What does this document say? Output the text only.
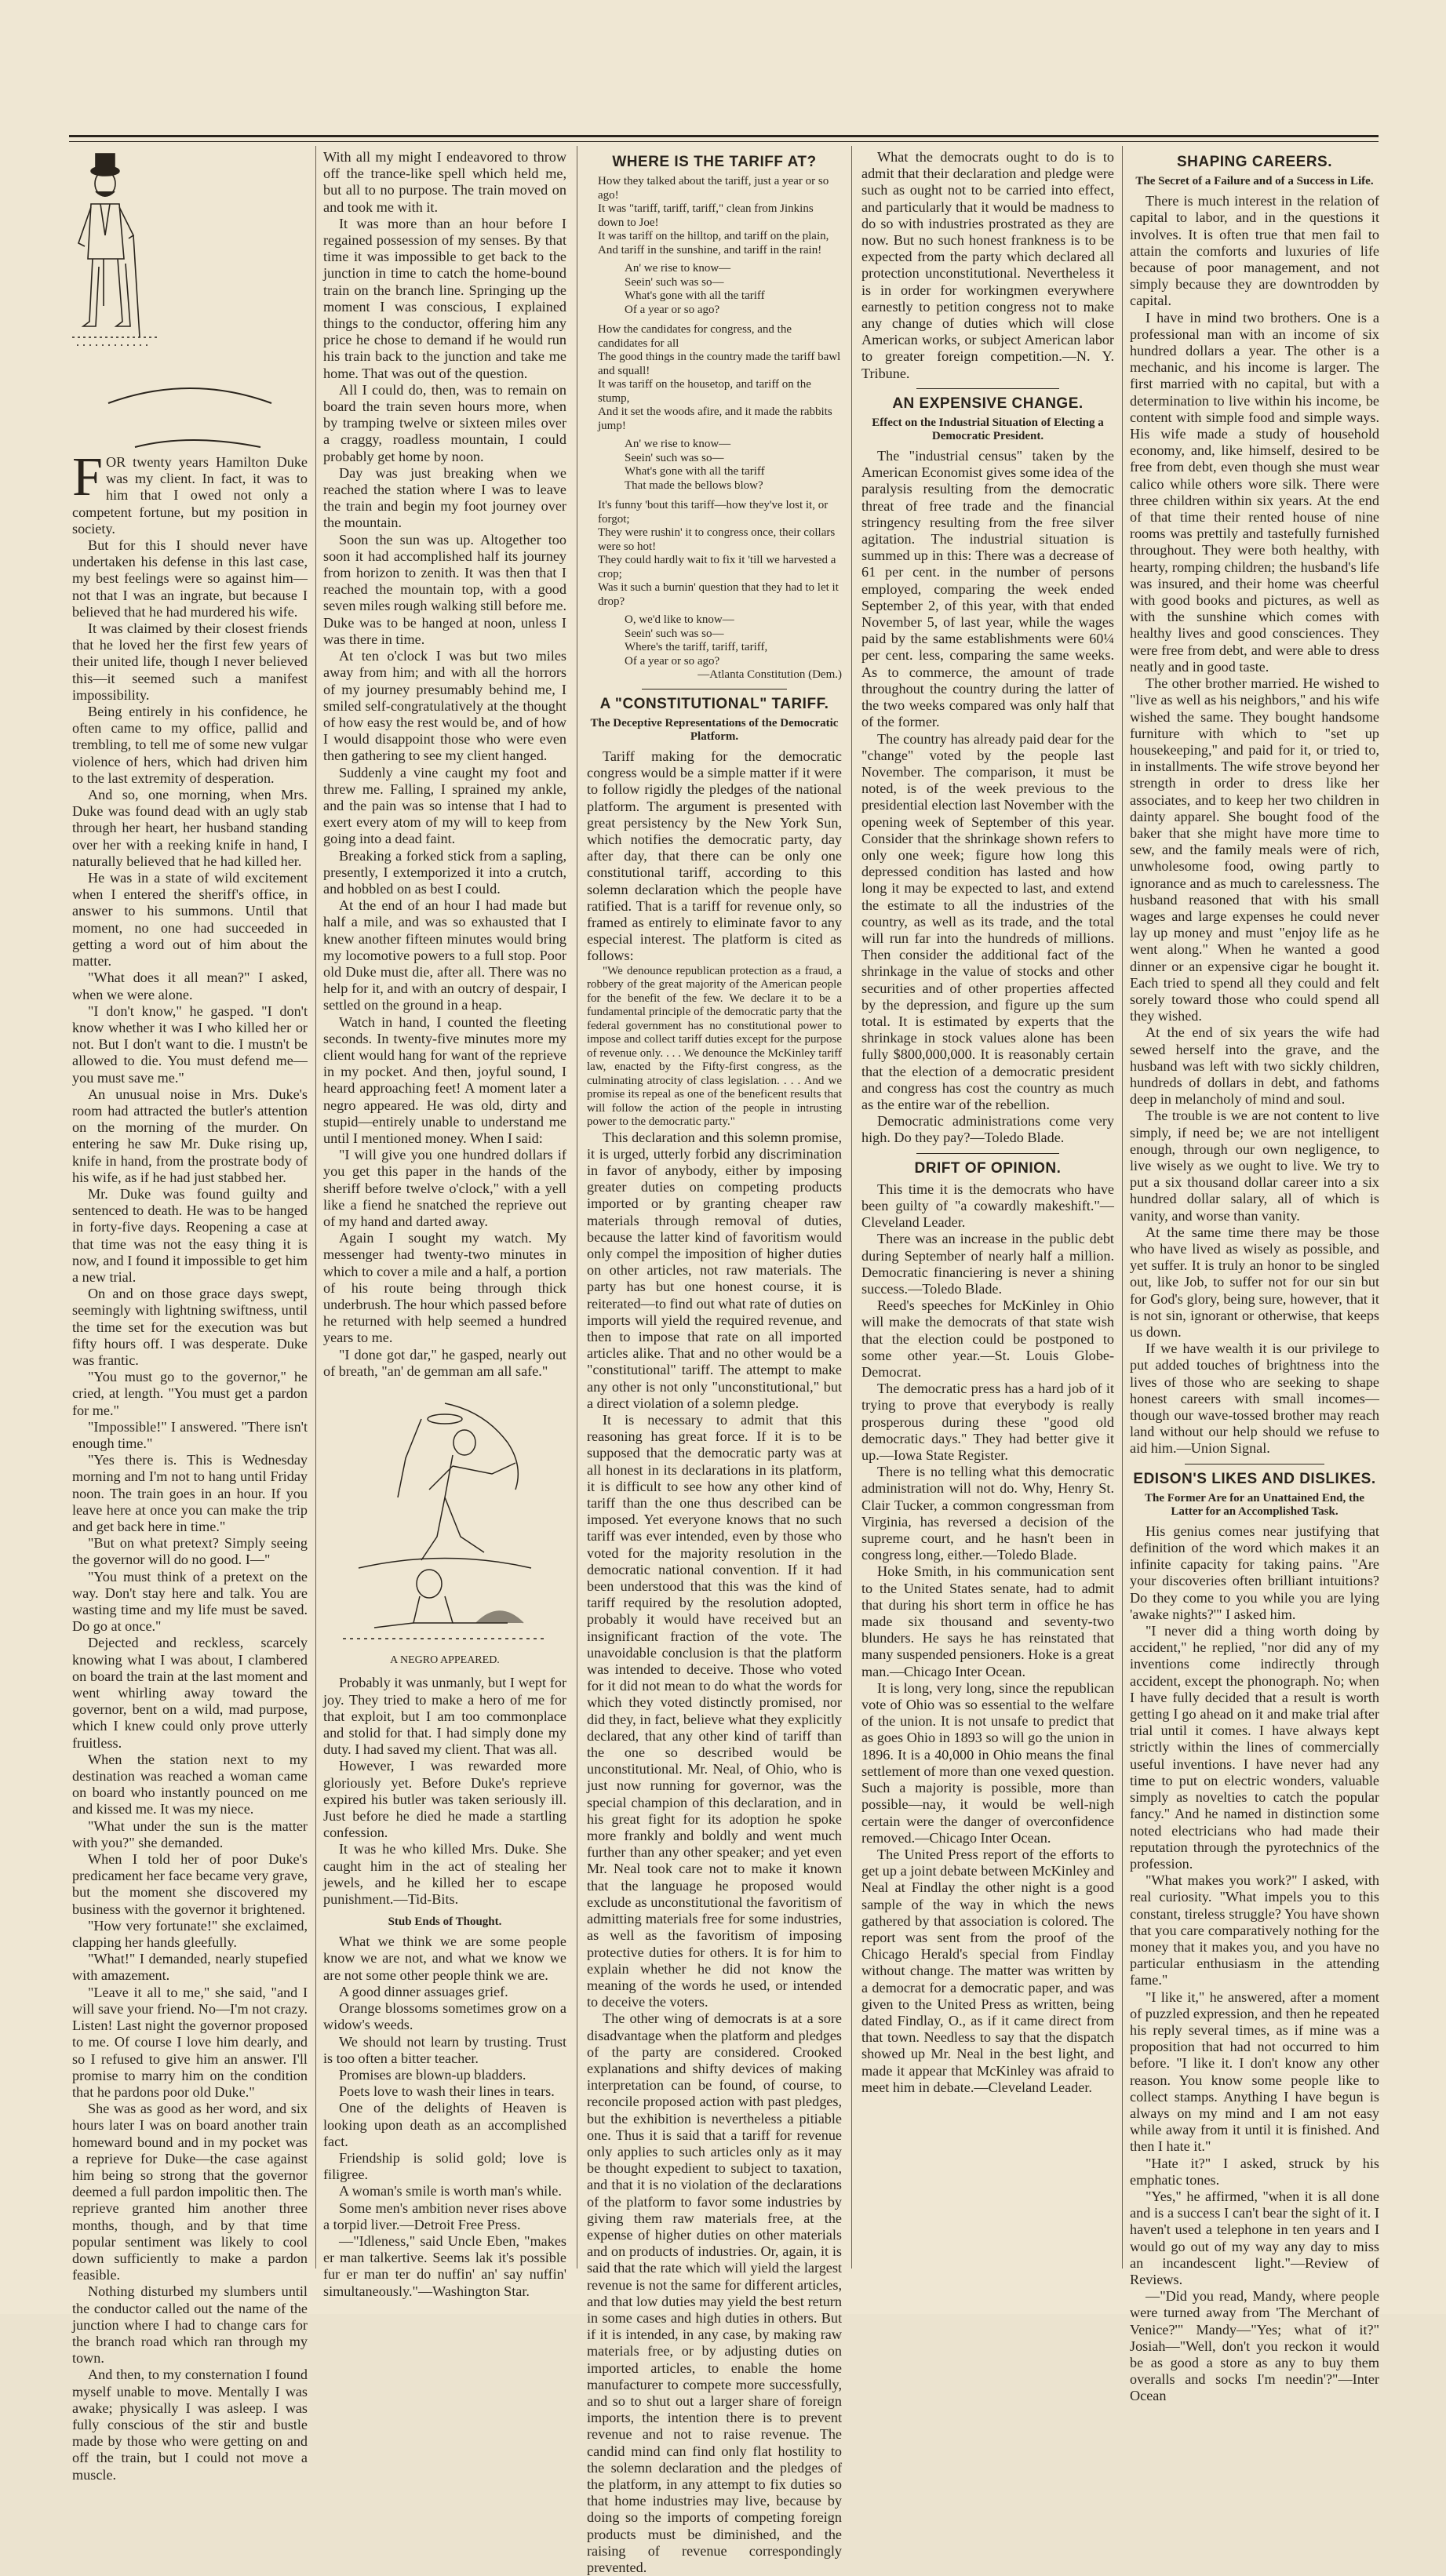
F OR twenty years Hamilton Duke was my client. In fact, it was to him that I owed not only a competent fortune, but my position in society.

But for this I should never have undertaken his defense in this last case, my best feelings were so against him—not that I was an ingrate, but because I believed that he had murdered his wife.

It was claimed by their closest friends that he loved her the first few years of their united life, though I never believed this—it seemed such a manifest impossibility.

Being entirely in his confidence, he often came to my office, pallid and trembling, to tell me of some new vulgar violence of hers, which had driven him to the last extremity of desperation.

And so, one morning, when Mrs. Duke was found dead with an ugly stab through her heart, her husband standing over her with a reeking knife in hand, I naturally believed that he had killed her.

He was in a state of wild excitement when I entered the sheriff's office, in answer to his summons. Until that moment, no one had succeeded in getting a word out of him about the matter.

"What does it all mean?" I asked, when we were alone.

"I don't know," he gasped. "I don't know whether it was I who killed her or not. But I don't want to die. I mustn't be allowed to die. You must defend me—you must save me."

An unusual noise in Mrs. Duke's room had attracted the butler's attention on the morning of the murder. On entering he saw Mr. Duke rising up, knife in hand, from the prostrate body of his wife, as if he had just stabbed her.

Mr. Duke was found guilty and sentenced to death. He was to be hanged in forty-five days. Reopening a case at that time was not the easy thing it is now, and I found it impossible to get him a new trial.

On and on those grace days swept, seemingly with lightning swiftness, until the time set for the execution was but fifty hours off. I was desperate. Duke was frantic.

"You must go to the governor," he cried, at length. "You must get a pardon for me."

"Impossible!" I answered. "There isn't enough time."

"Yes there is. This is Wednesday morning and I'm not to hang until Friday noon. The train goes in an hour. If you leave here at once you can make the trip and get back here in time."

"But on what pretext? Simply seeing the governor will do no good. I—"

"You must think of a pretext on the way. Don't stay here and talk. You are wasting time and my life must be saved. Do go at once."

Dejected and reckless, scarcely knowing what I was about, I clambered on board the train at the last moment and went whirling away toward the governor, bent on a wild, mad purpose, which I knew could only prove utterly fruitless.

When the station next to my destination was reached a woman came on board who instantly pounced on me and kissed me. It was my niece.

"What under the sun is the matter with you?" she demanded.

When I told her of poor Duke's predicament her face became very grave, but the moment she discovered my business with the governor it brightened.

"How very fortunate!" she exclaimed, clapping her hands gleefully.

"What!" I demanded, nearly stupefied with amazement.

"Leave it all to me," she said, "and I will save your friend. No—I'm not crazy. Listen! Last night the governor proposed to me. Of course I love him dearly, and so I refused to give him an answer. I'll promise to marry him on the condition that he pardons poor old Duke."

She was as good as her word, and six hours later I was on board another train homeward bound and in my pocket was a reprieve for Duke—the case against him being so strong that the governor deemed a full pardon impolitic then. The reprieve granted him another three months, though, and by that time popular sentiment was likely to cool down sufficiently to make a pardon feasible.

Nothing disturbed my slumbers until the conductor called out the name of the junction where I had to change cars for the branch road which ran through my town.

And then, to my consternation I found myself unable to move. Mentally I was awake; physically I was asleep. I was fully conscious of the stir and bustle made by those who were getting on and off the train, but I could not move a muscle.

With all my might I endeavored to throw off the trance-like spell which held me, but all to no purpose. The train moved on and took me with it.

It was more than an hour before I regained possession of my senses. By that time it was impossible to get back to the junction in time to catch the home-bound train on the branch line. Springing up the moment I was conscious, I explained things to the conductor, offering him any price he chose to demand if he would run his train back to the junction and take me home. That was out of the question.

All I could do, then, was to remain on board the train seven hours more, when by tramping twelve or sixteen miles over a craggy, roadless mountain, I could probably get home by noon.

Day was just breaking when we reached the station where I was to leave the train and begin my foot journey over the mountain.

Soon the sun was up. Altogether too soon it had accomplished half its journey from horizon to zenith. It was then that I reached the mountain top, with a good seven miles rough walking still before me. Duke was to be hanged at noon, unless I was there in time.

At ten o'clock I was but two miles away from him; and with all the horrors of my journey presumably behind me, I smiled self-congratulatively at the thought of how easy the rest would be, and of how I would disappoint those who were even then gathering to see my client hanged.

Suddenly a vine caught my foot and threw me. Falling, I sprained my ankle, and the pain was so intense that I had to exert every atom of my will to keep from going into a dead faint.

Breaking a forked stick from a sapling, presently, I extemporized it into a crutch, and hobbled on as best I could.

At the end of an hour I had made but half a mile, and was so exhausted that I knew another fifteen minutes would bring my locomotive powers to a full stop. Poor old Duke must die, after all. There was no help for it, and with an outcry of despair, I settled on the ground in a heap.

Watch in hand, I counted the fleeting seconds. In twenty-five minutes more my client would hang for want of the reprieve in my pocket. And then, joyful sound, I heard approaching feet! A moment later a negro appeared. He was old, dirty and stupid—entirely unable to understand me until I mentioned money. When I said:

"I will give you one hundred dollars if you get this paper in the hands of the sheriff before twelve o'clock," with a yell like a fiend he snatched the reprieve out of my hand and darted away.

Again I sought my watch. My messenger had twenty-two minutes in which to cover a mile and a half, a portion of his route being through thick underbrush. The hour which passed before he returned with help seemed a hundred years to me.

"I done got dar," he gasped, nearly out of breath, "an' de gemman am all safe."

A NEGRO APPEARED.

Probably it was unmanly, but I wept for joy. They tried to make a hero of me for that exploit, but I am too commonplace and stolid for that. I had simply done my duty. I had saved my client. That was all.

However, I was rewarded more gloriously yet. Before Duke's reprieve expired his butler was taken seriously ill. Just before he died he made a startling confession.

It was he who killed Mrs. Duke. She caught him in the act of stealing her jewels, and he killed her to escape punishment.—Tid-Bits.

Stub Ends of Thought.

What we think we are some people know we are not, and what we know we are not some other people think we are.

A good dinner assuages grief.

Orange blossoms sometimes grow on a widow's weeds.

We should not learn by trusting. Trust is too often a bitter teacher.

Promises are blown-up bladders.

Poets love to wash their lines in tears.

One of the delights of Heaven is looking upon death as an accomplished fact.

Friendship is solid gold; love is filigree.

A woman's smile is worth man's while.

Some men's ambition never rises above a torpid liver.—Detroit Free Press.

—"Idleness," said Uncle Eben, "makes er man talkertive. Seems lak it's possible fur er man ter do nuffin' an' say nuffin' simultaneously."—Washington Star.

WHERE IS THE TARIFF AT?
How they talked about the tariff, just a year or so ago!
It was "tariff, tariff, tariff," clean from Jinkins down to Joe!
It was tariff on the hilltop, and tariff on the plain,
And tariff in the sunshine, and tariff in the rain!
An' we rise to know—
Seein' such was so—
What's gone with all the tariff
Of a year or so ago?
How the candidates for congress, and the candidates for all
The good things in the country made the tariff bawl and squall!
It was tariff on the housetop, and tariff on the stump,
And it set the woods afire, and it made the rabbits jump!
An' we rise to know—
Seein' such was so—
What's gone with all the tariff
That made the bellows blow?
It's funny 'bout this tariff—how they've lost it, or forgot;
They were rushin' it to congress once, their collars were so hot!
They could hardly wait to fix it 'till we harvested a crop;
Was it such a burnin' question that they had to let it drop?
O, we'd like to know—
Seein' such was so—
Where's the tariff, tariff, tariff,
Of a year or so ago?
—Atlanta Constitution (Dem.)
A "CONSTITUTIONAL" TARIFF.
The Deceptive Representations of the Democratic Platform.

Tariff making for the democratic congress would be a simple matter if it were to follow rigidly the pledges of the national platform. The argument is presented with great persistency by the New York Sun, which notifies the democratic party, day after day, that there can be only one constitutional tariff, according to this solemn declaration which the people have ratified. That is a tariff for revenue only, so framed as entirely to eliminate favor to any especial interest. The platform is cited as follows:

"We denounce republican protection as a fraud, a robbery of the great majority of the American people for the benefit of the few. We declare it to be a fundamental principle of the democratic party that the federal government has no constitutional power to impose and collect tariff duties except for the purpose of revenue only. . . . We denounce the McKinley tariff law, enacted by the Fifty-first congress, as the culminating atrocity of class legislation. . . . And we promise its repeal as one of the beneficent results that will follow the action of the people in intrusting power to the democratic party."

This declaration and this solemn promise, it is urged, utterly forbid any discrimination in favor of anybody, either by imposing greater duties on competing products imported or by granting cheaper raw materials through removal of duties, because the latter kind of favoritism would only compel the imposition of higher duties on other articles, not raw materials. The party has but one honest course, it is reiterated—to find out what rate of duties on imports will yield the required revenue, and then to impose that rate on all imported articles alike. That and no other would be a "constitutional" tariff. The attempt to make any other is not only "unconstitutional," but a direct violation of a solemn pledge.

It is necessary to admit that this reasoning has great force. If it is to be supposed that the democratic party was at all honest in its declarations in its platform, it is difficult to see how any other kind of tariff than the one thus described can be imposed. Yet everyone knows that no such tariff was ever intended, even by those who voted for the majority resolution in the democratic national convention. If it had been understood that this was the kind of tariff required by the resolution adopted, probably it would have received but an insignificant fraction of the vote. The unavoidable conclusion is that the platform was intended to deceive. Those who voted for it did not mean to do what the words for which they voted distinctly promised, nor did they, in fact, believe what they explicitly declared, that any other kind of tariff than the one so described would be unconstitutional. Mr. Neal, of Ohio, who is just now running for governor, was the special champion of this declaration, and in his great fight for its adoption he spoke more frankly and boldly and went much further than any other speaker; and yet even Mr. Neal took care not to make it known that the language he proposed would exclude as unconstitutional the favoritism of admitting materials free for some industries, as well as the favoritism of imposing protective duties for others. It is for him to explain whether he did not know the meaning of the words he used, or intended to deceive the voters.

The other wing of democrats is at a sore disadvantage when the platform and pledges of the party are considered. Crooked explanations and shifty devices of making interpretation can be found, of course, to reconcile proposed action with past pledges, but the exhibition is nevertheless a pitiable one. Thus it is said that a tariff for revenue only applies to such articles only as it may be thought expedient to subject to taxation, and that it is no violation of the declarations of the platform to favor some industries by giving them raw materials free, at the expense of higher duties on other materials and on products of industries. Or, again, it is said that the rate which will yield the largest revenue is not the same for different articles, and that low duties may yield the best return in some cases and high duties in others. But if it is intended, in any case, by making raw materials free, or by adjusting duties on imported articles, to enable the home manufacturer to compete more successfully, and so to shut out a larger share of foreign imports, the intention there is to prevent revenue and not to raise revenue. The candid mind can find only flat hostility to the solemn declaration and the pledges of the platform, in any attempt to fix duties so that home industries may live, because by doing so the imports of competing foreign products must be diminished, and the raising of revenue correspondingly prevented.

What the democrats ought to do is to admit that their declaration and pledge were such as ought not to be carried into effect, and particularly that it would be madness to do so with industries prostrated as they are now. But no such honest frankness is to be expected from the party which declared all protection unconstitutional. Nevertheless it is in order for workingmen everywhere earnestly to petition congress not to make any change of duties which will close American works, or subject American labor to greater foreign competition.—N. Y. Tribune.

AN EXPENSIVE CHANGE.
Effect on the Industrial Situation of Electing a Democratic President.

The "industrial census" taken by the American Economist gives some idea of the paralysis resulting from the democratic threat of free trade and the financial stringency resulting from the free silver agitation. The industrial situation is summed up in this: There was a decrease of 61 per cent. in the number of persons employed, comparing the week ended September 2, of this year, with that ended November 5, of last year, while the wages paid by the same establishments were 60¼ per cent. less, comparing the same weeks. As to commerce, the amount of trade throughout the country during the latter of the two weeks compared was only half that of the former.

The country has already paid dear for the "change" voted by the people last November. The comparison, it must be noted, is of the week previous to the presidential election last November with the opening week of September of this year. Consider that the shrinkage shown refers to only one week; figure how long this depressed condition has lasted and how long it may be expected to last, and extend the estimate to all the industries of the country, as well as its trade, and the total will run far into the hundreds of millions. Then consider the additional fact of the shrinkage in the value of stocks and other securities and of other properties affected by the depression, and figure up the sum total. It is estimated by experts that the shrinkage in stock values alone has been fully $800,000,000. It is reasonably certain that the election of a democratic president and congress has cost the country as much as the entire war of the rebellion.

Democratic administrations come very high. Do they pay?—Toledo Blade.

DRIFT OF OPINION.

This time it is the democrats who have been guilty of "a cowardly makeshift."—Cleveland Leader.

There was an increase in the public debt during September of nearly half a million. Democratic financiering is never a shining success.—Toledo Blade.

Reed's speeches for McKinley in Ohio will make the democrats of that state wish that the election could be postponed to some other year.—St. Louis Globe-Democrat.

The democratic press has a hard job of it trying to prove that everybody is really prosperous during these "good old democratic days." They had better give it up.—Iowa State Register.

There is no telling what this democratic administration will not do. Why, Henry St. Clair Tucker, a common congressman from Virginia, has reversed a decision of the supreme court, and he hasn't been in congress long, either.—Toledo Blade.

Hoke Smith, in his communication sent to the United States senate, had to admit that during his short term in office he has made six thousand and seventy-two blunders. He says he has reinstated that many suspended pensioners. Hoke is a great man.—Chicago Inter Ocean.

It is long, very long, since the republican vote of Ohio was so essential to the welfare of the union. It is not unsafe to predict that as goes Ohio in 1893 so will go the union in 1896. It is a 40,000 in Ohio means the final settlement of more than one vexed question. Such a majority is possible, more than possible—nay, it would be well-nigh certain were the danger of overconfidence removed.—Chicago Inter Ocean.

The United Press report of the efforts to get up a joint debate between McKinley and Neal at Findlay the other night is a good sample of the way in which the news gathered by that association is colored. The report was sent from the proof of the Chicago Herald's special from Findlay without change. The matter was written by a democrat for a democratic paper, and was given to the United Press as written, being dated Findlay, O., as if it came direct from that town. Needless to say that the dispatch showed up Mr. Neal in the best light, and made it appear that McKinley was afraid to meet him in debate.—Cleveland Leader.

SHAPING CAREERS.
The Secret of a Failure and of a Success in Life.

There is much interest in the relation of capital to labor, and in the questions it involves. It is often true that men fail to attain the comforts and luxuries of life because of poor management, and not simply because they are downtrodden by capital.

I have in mind two brothers. One is a professional man with an income of six hundred dollars a year. The other is a mechanic, and his income is larger. The first married with no capital, but with a determination to live within his income, be content with simple food and simple ways. His wife made a study of household economy, and, like himself, desired to be free from debt, even though she must wear calico while others wore silk. There were three children within six years. At the end of that time their rented house of nine rooms was prettily and tastefully furnished throughout. They were both healthy, with hearty, romping children; the husband's life was insured, and their home was cheerful with good books and pictures, as well as with the sunshine which comes with healthy lives and good consciences. They were free from debt, and were able to dress neatly and in good taste.

The other brother married. He wished to "live as well as his neighbors," and his wife wished the same. They bought handsome furniture with which to "set up housekeeping," and paid for it, or tried to, in installments. The wife strove beyond her strength in order to dress like her associates, and to keep her two children in dainty apparel. She bought food of the baker that she might have more time to sew, and the family meals were of rich, unwholesome food, owing partly to ignorance and as much to carelessness. The husband reasoned that with his small wages and large expenses he could never lay up money and must "enjoy life as he went along." When he wanted a good dinner or an expensive cigar he bought it. Each tried to spend all they could and felt sorely toward those who could spend all they wished.

At the end of six years the wife had sewed herself into the grave, and the husband was left with two sickly children, hundreds of dollars in debt, and fathoms deep in melancholy of mind and soul.

The trouble is we are not content to live simply, if need be; we are not intelligent enough, through our own negligence, to live wisely as we ought to live. We try to put a six thousand dollar career into a six hundred dollar salary, all of which is vanity, and worse than vanity.

At the same time there may be those who have lived as wisely as possible, and yet suffer. It is truly an honor to be singled out, like Job, to suffer not for our sin but for God's glory, being sure, however, that it is not sin, ignorant or otherwise, that keeps us down.

If we have wealth it is our privilege to put added touches of brightness into the lives of those who are seeking to shape honest careers with small incomes—though our wave-tossed brother may reach land without our help should we refuse to aid him.—Union Signal.

EDISON'S LIKES AND DISLIKES.
The Former Are for an Unattained End, the Latter for an Accomplished Task.

His genius comes near justifying that definition of the word which makes it an infinite capacity for taking pains. "Are your discoveries often brilliant intuitions? Do they come to you while you are lying 'awake nights?'" I asked him.

"I never did a thing worth doing by accident," he replied, "nor did any of my inventions come indirectly through accident, except the phonograph. No; when I have fully decided that a result is worth getting I go ahead on it and make trial after trial until it comes. I have always kept strictly within the lines of commercially useful inventions. I have never had any time to put on electric wonders, valuable simply as novelties to catch the popular fancy." And he named in distinction some noted electricians who had made their reputation through the pyrotechnics of the profession.

"What makes you work?" I asked, with real curiosity. "What impels you to this constant, tireless struggle? You have shown that you care comparatively nothing for the money that it makes you, and you have no particular enthusiasm in the attending fame."

"I like it," he answered, after a moment of puzzled expression, and then he repeated his reply several times, as if mine was a proposition that had not occurred to him before. "I like it. I don't know any other reason. You know some people like to collect stamps. Anything I have begun is always on my mind and I am not easy while away from it until it is finished. And then I hate it."

"Hate it?" I asked, struck by his emphatic tones.

"Yes," he affirmed, "when it is all done and is a success I can't bear the sight of it. I haven't used a telephone in ten years and I would go out of my way any day to miss an incandescent light."—Review of Reviews.

—"Did you read, Mandy, where people were turned away from 'The Merchant of Venice?'" Mandy—"Yes; what of it?" Josiah—"Well, don't you reckon it would be as good a store as any to buy them overalls and socks I'm needin'?"—Inter Ocean
